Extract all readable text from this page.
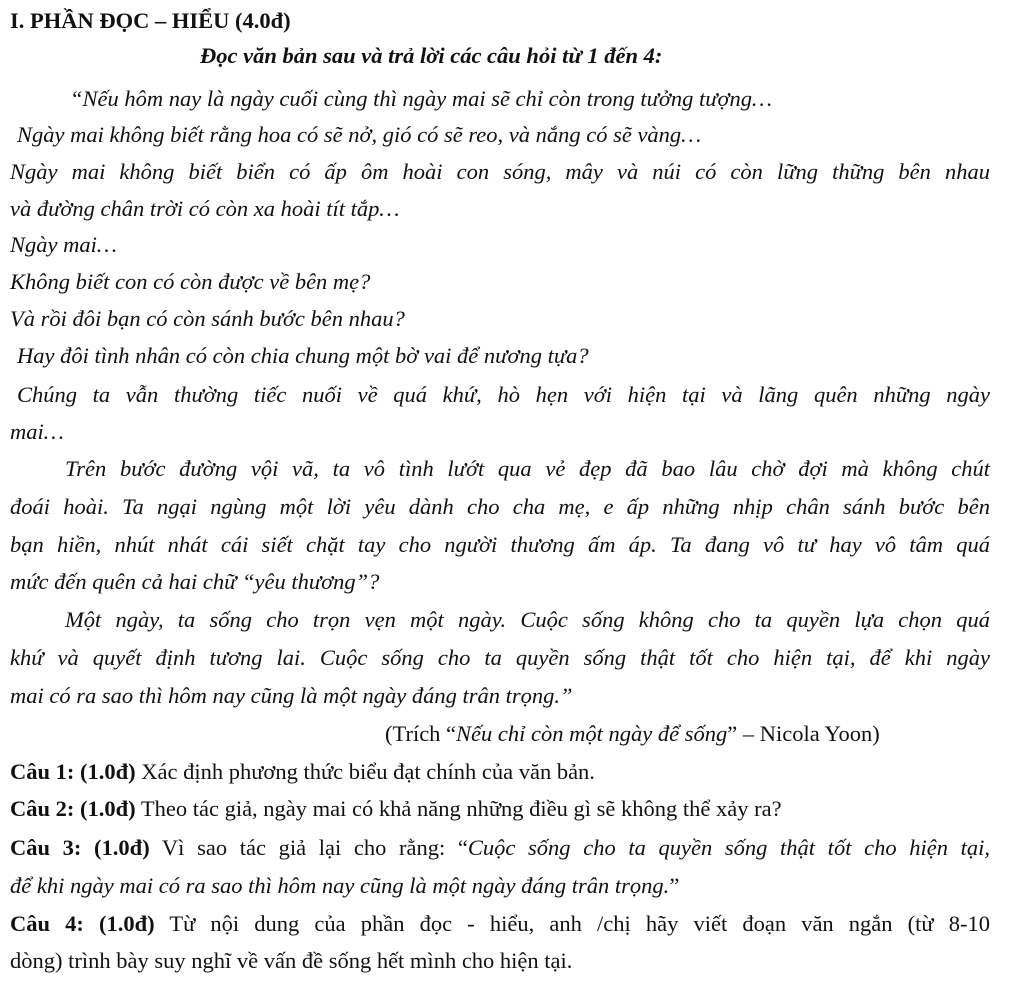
I. PHẦN ĐỌC – HIỂU (4.0đ)
Đọc văn bản sau và trả lời các câu hỏi từ 1 đến 4:
“Nếu hôm nay là ngày cuối cùng thì ngày mai sẽ chỉ còn trong tưởng tượng…
Ngày mai không biết rằng hoa có sẽ nở, gió có sẽ reo, và nắng có sẽ vàng…
Ngày mai không biết biển có ấp ôm hoài con sóng, mây và núi có còn lững thững bên nhau
và đường chân trời có còn xa hoài tít tắp…
Ngày mai…
Không biết con có còn được về bên mẹ?
Và rồi đôi bạn có còn sánh bước bên nhau?
Hay đôi tình nhân có còn chia chung một bờ vai để nương tựa?
Chúng ta vẫn thường tiếc nuối về quá khứ, hò hẹn với hiện tại và lãng quên những ngày
mai…
Trên bước đường vội vã, ta vô tình lướt qua vẻ đẹp đã bao lâu chờ đợi mà không chút
đoái hoài. Ta ngại ngùng một lời yêu dành cho cha mẹ, e ấp những nhịp chân sánh bước bên
bạn hiền, nhút nhát cái siết chặt tay cho người thương ấm áp. Ta đang vô tư hay vô tâm quá
mức đến quên cả hai chữ “yêu thương”?
Một ngày, ta sống cho trọn vẹn một ngày. Cuộc sống không cho ta quyền lựa chọn quá
khứ và quyết định tương lai. Cuộc sống cho ta quyền sống thật tốt cho hiện tại, để khi ngày
mai có ra sao thì hôm nay cũng là một ngày đáng trân trọng.”
(Trích “Nếu chỉ còn một ngày để sống” – Nicola Yoon)
Câu 1: (1.0đ) Xác định phương thức biểu đạt chính của văn bản.
Câu 2: (1.0đ) Theo tác giả, ngày mai có khả năng những điều gì sẽ không thể xảy ra?
Câu 3: (1.0đ) Vì sao tác giả lại cho rằng: “Cuộc sống cho ta quyền sống thật tốt cho hiện tại,
để khi ngày mai có ra sao thì hôm nay cũng là một ngày đáng trân trọng.”
Câu 4: (1.0đ) Từ nội dung của phần đọc - hiểu, anh /chị hãy viết đoạn văn ngắn (từ 8-10
dòng) trình bày suy nghĩ về vấn đề sống hết mình cho hiện tại.
